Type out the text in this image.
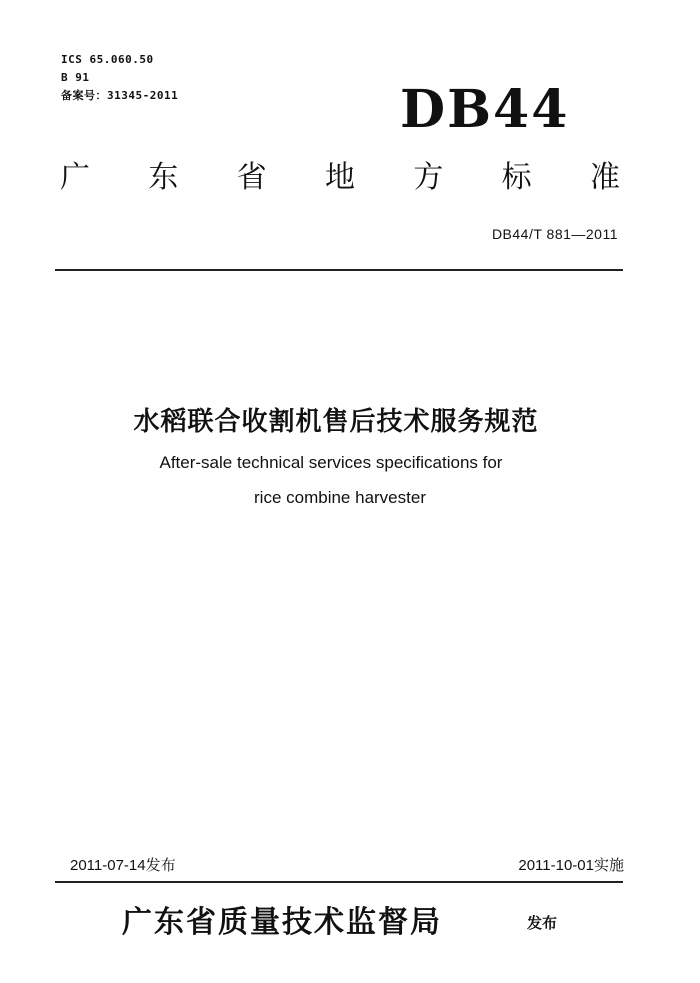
ICS 65.060.50
B 91
备案号：31345-2011	DB44
广 东 省 地 方 标 准
DB44/T 881—2011
水稻联合收割机售后技术服务规范
After-sale technical services specifications for
rice combine harvester
2011-07-14发布	2011-10-01实施
广东省质量技术监督局	发布
